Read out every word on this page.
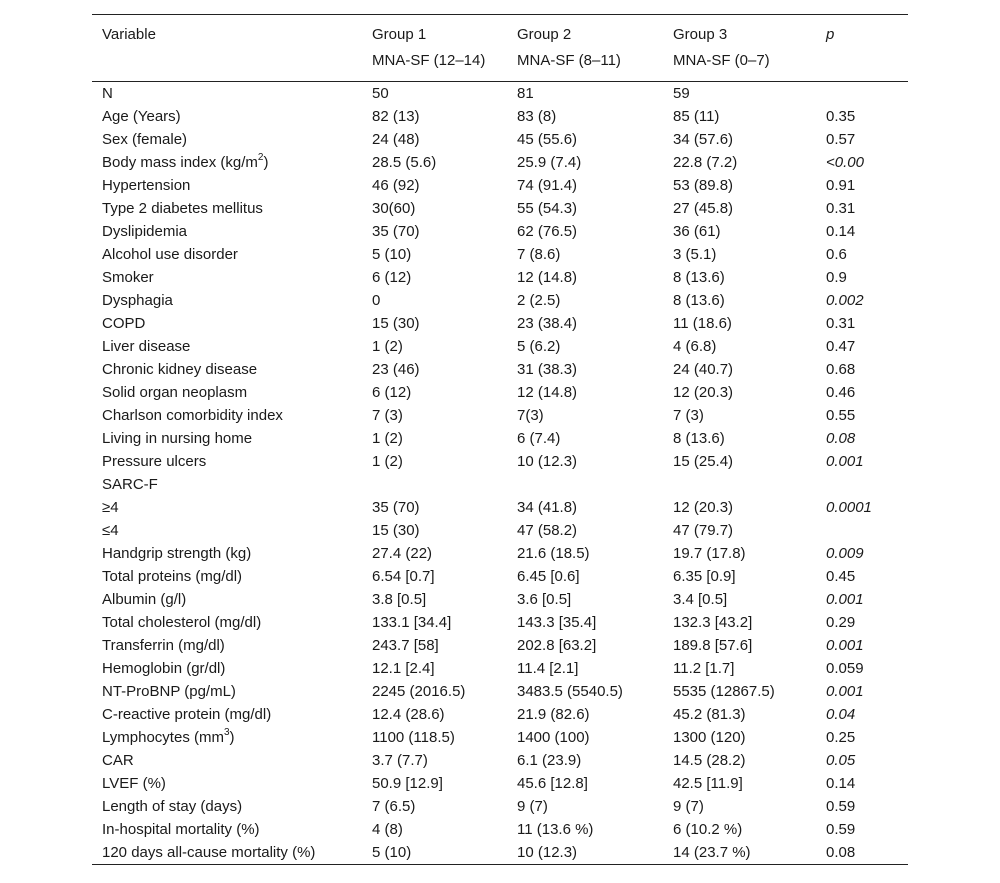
Variable	Group 1	Group 2	Group 3	p
	MNA-SF (12–14)	MNA-SF (8–11)	MNA-SF (0–7)	
N	50	81	59	
Age (Years)	82 (13)	83 (8)	85 (11)	0.35
Sex (female)	24 (48)	45 (55.6)	34 (57.6)	0.57
Body mass index $(kg/m^2)$	28.5 (5.6)	25.9 (7.4)	22.8 (7.2)	<0.00
Hypertension	46 (92)	74 (91.4)	53 (89.8)	0.91
Type 2 diabetes mellitus	30(60)	55 (54.3)	27 (45.8)	0.31
Dyslipidemia	35 (70)	62 (76.5)	36 (61)	0.14
Alcohol use disorder	5 (10)	7 (8.6)	3 (5.1)	0.6
Smoker	6 (12)	12 (14.8)	8 (13.6)	0.9
Dysphagia	0	2 (2.5)	8 (13.6)	0.002
COPD	15 (30)	23 (38.4)	11 (18.6)	0.31
Liver disease	1 (2)	5 (6.2)	4 (6.8)	0.47
Chronic kidney disease	23 (46)	31 (38.3)	24 (40.7)	0.68
Solid organ neoplasm	6 (12)	12 (14.8)	12 (20.3)	0.46
Charlson comorbidity index	7 (3)	7(3)	7 (3)	0.55
Living in nursing home	1 (2)	6 (7.4)	8 (13.6)	0.08
Pressure ulcers	1 (2)	10 (12.3)	15 (25.4)	0.001
SARC-F				
≥4	35 (70)	34 (41.8)	12 (20.3)	0.0001
≤4	15 (30)	47 (58.2)	47 (79.7)	
Handgrip strength (kg)	27.4 (22)	21.6 (18.5)	19.7 (17.8)	0.009
Total proteins (mg/dl)	6.54 [0.7]	6.45 [0.6]	6.35 [0.9]	0.45
Albumin (g/l)	3.8 [0.5]	3.6 [0.5]	3.4 [0.5]	0.001
Total cholesterol (mg/dl)	133.1 [34.4]	143.3 [35.4]	132.3 [43.2]	0.29
Transferrin (mg/dl)	243.7 [58]	202.8 [63.2]	189.8 [57.6]	0.001
Hemoglobin (gr/dl)	12.1 [2.4]	11.4 [2.1]	11.2 [1.7]	0.059
NT-ProBNP (pg/mL)	2245 (2016.5)	3483.5 (5540.5)	5535 (12867.5)	0.001
C-reactive protein (mg/dl)	12.4 (28.6)	21.9 (82.6)	45.2 (81.3)	0.04
Lymphocytes $(mm^3)$	1100 (118.5)	1400 (100)	1300 (120)	0.25
CAR	3.7 (7.7)	6.1 (23.9)	14.5 (28.2)	0.05
LVEF (%)	50.9 [12.9]	45.6 [12.8]	42.5 [11.9]	0.14
Length of stay (days)	7 (6.5)	9 (7)	9 (7)	0.59
In-hospital mortality (%)	4 (8)	11 (13.6 %)	6 (10.2 %)	0.59
120 days all-cause mortality (%)	5 (10)	10 (12.3)	14 (23.7 %)	0.08
